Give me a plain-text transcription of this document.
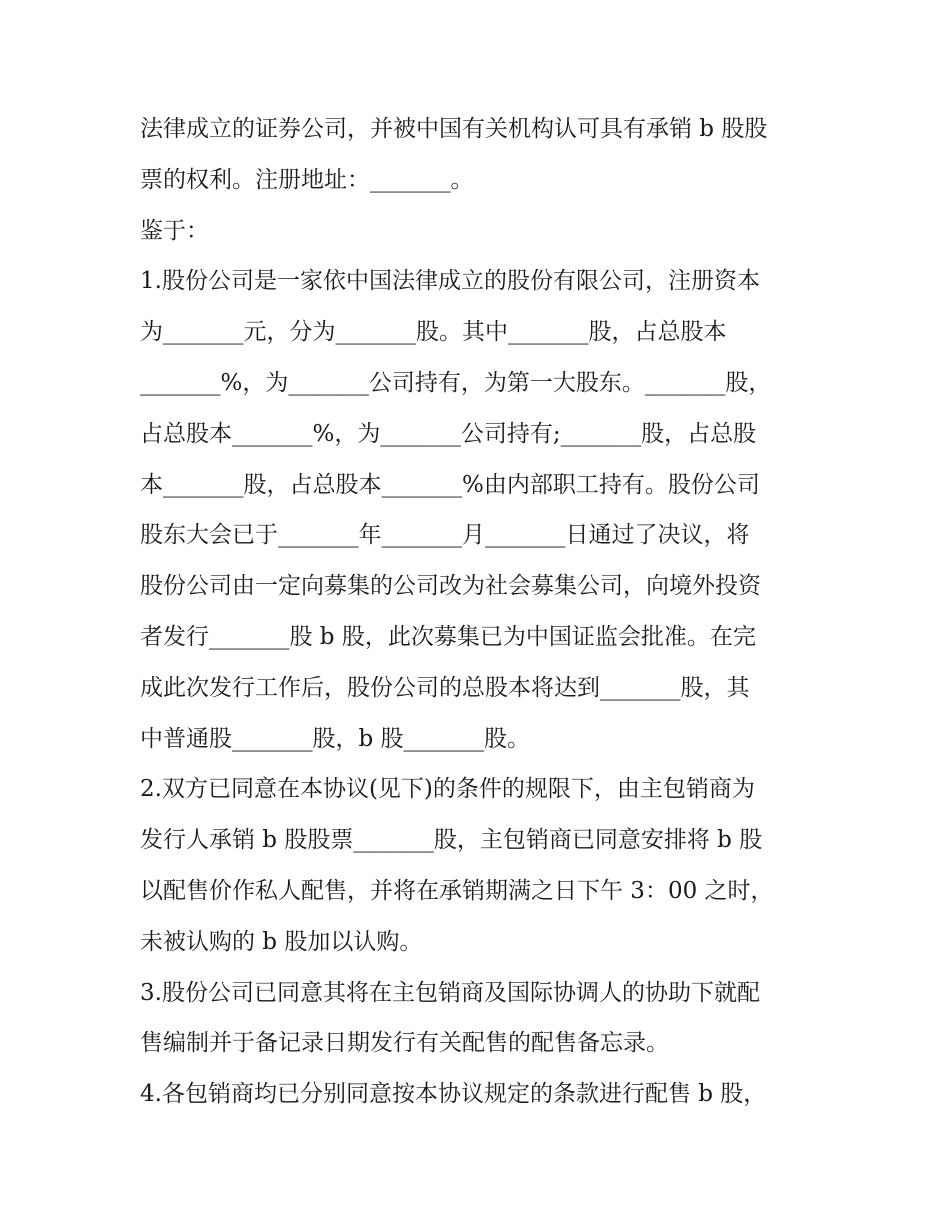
法律成立的证券公司，并被中国有关机构认可具有承销 b 股股
票的权利。注册地址：_______。
鉴于：
1.股份公司是一家依中国法律成立的股份有限公司，注册资本
为_______元，分为_______股。其中_______股，占总股本
_______%，为_______公司持有，为第一大股东。_______股，
占总股本_______%，为_______公司持有;_______股，占总股
本_______股，占总股本_______%由内部职工持有。股份公司
股东大会已于_______年_______月_______日通过了决议，将
股份公司由一定向募集的公司改为社会募集公司，向境外投资
者发行_______股 b 股，此次募集已为中国证监会批准。在完
成此次发行工作后，股份公司的总股本将达到_______股，其
中普通股_______股，b 股_______股。
2.双方已同意在本协议(见下)的条件的规限下，由主包销商为
发行人承销 b 股股票_______股，主包销商已同意安排将 b 股
以配售价作私人配售，并将在承销期满之日下午 3：00 之时，
未被认购的 b 股加以认购。
3.股份公司已同意其将在主包销商及国际协调人的协助下就配
售编制并于备记录日期发行有关配售的配售备忘录。
4.各包销商均已分别同意按本协议规定的条款进行配售 b 股，
